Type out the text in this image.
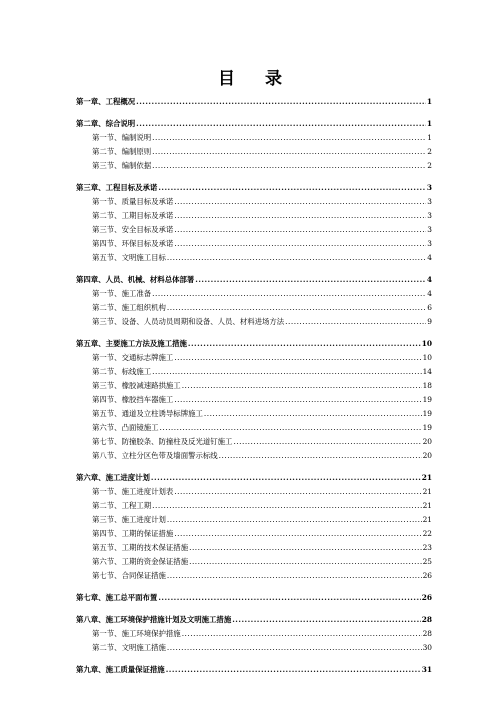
目 录
第一章、工程概况 .....	1
第二章、综合说明 .....	1
第一节、编制说明 .....	1
第二节、编制原则 .....	2
第三节、编制依据 .....	2
第三章、工程目标及承诺 .....	3
第一节、质量目标及承诺 .....	3
第二节、工期目标及承诺 .....	3
第三节、安全目标及承诺 .....	3
第四节、环保目标及承诺 .....	3
第五节、文明施工目标 .....	4
第四章、人员、机械、材料总体部署 .....	4
第一节、施工准备 .....	4
第二节、施工组织机构 .....	6
第三节、设备、人员动员周期和设备、人员、材料进场方法 .....	9
第五章、主要施工方法及施工措施 .....	10
第一节、交通标志牌施工 .....	10
第二节、标线施工 .....	14
第三节、橡胶减速路拱施工 .....	18
第四节、橡胶挡车器施工 .....	19
第五节、通道及立柱诱导标牌施工 .....	19
第六节、凸面镜施工 .....	19
第七节、防撞胶条、防撞柱及反光道钉施工 .....	20
第八节、立柱分区色带及墙面警示标线 .....	20
第六章、施工进度计划 .....	21
第一节、施工进度计划表 .....	21
第二节、工程工期 .....	21
第三节、施工进度计划 .....	21
第四节、工期的保证措施 .....	22
第五节、工期的技术保证措施 .....	23
第六节、工期的资金保证措施 .....	25
第七节、合同保证措施 .....	26
第七章、施工总平面布置 .....	26
第八章、施工环境保护措施计划及文明施工措施 .....	28
第一节、施工环境保护措施 .....	28
第二节、文明施工措施 .....	30
第九章、施工质量保证措施 .....	31
